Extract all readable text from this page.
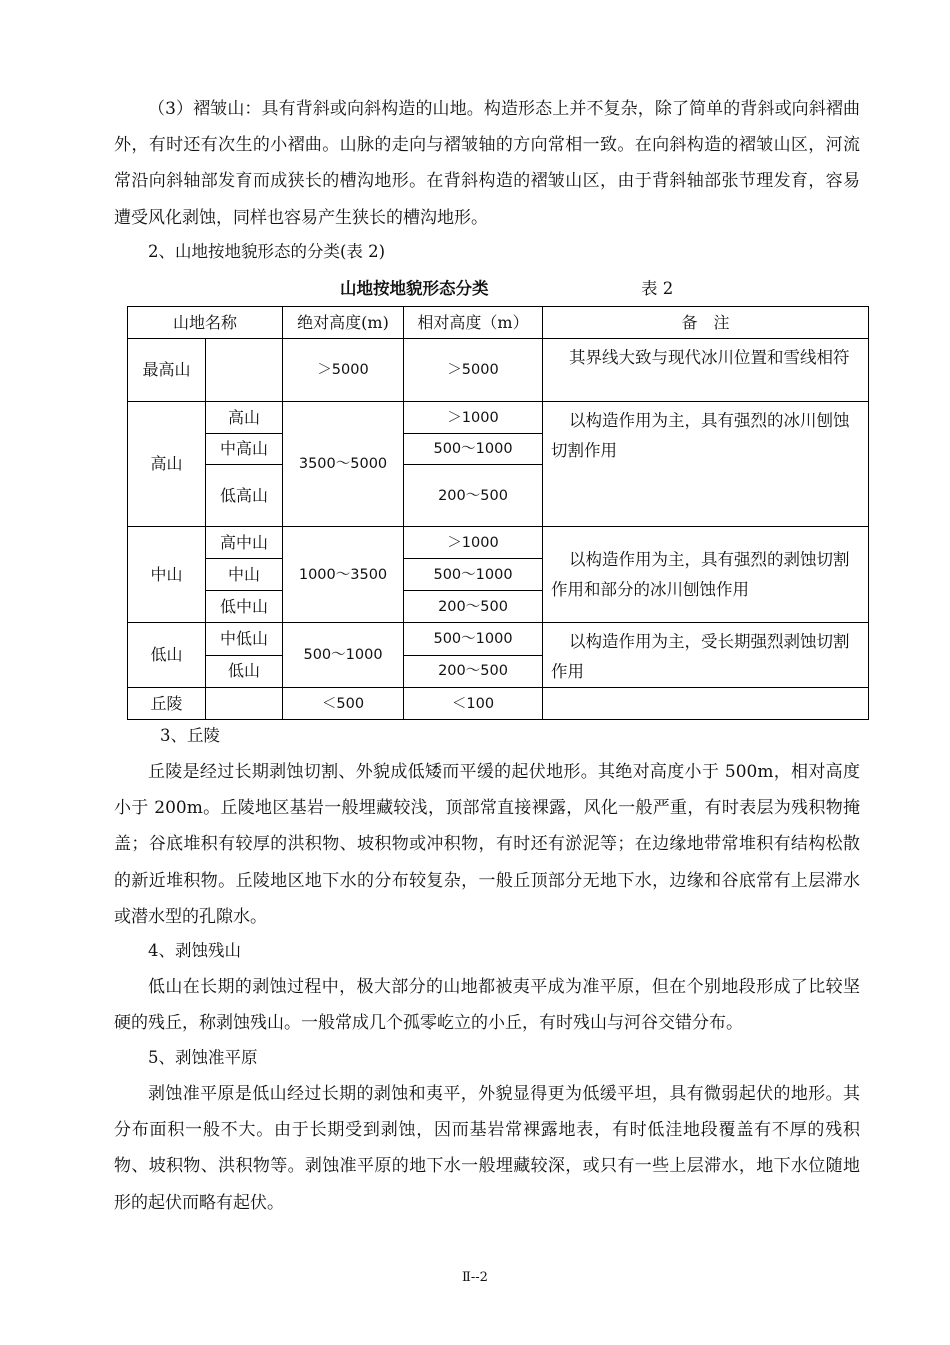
（3）褶皱山：具有背斜或向斜构造的山地。构造形态上并不复杂，除了简单的背斜或向斜褶曲外，有时还有次生的小褶曲。山脉的走向与褶皱轴的方向常相一致。在向斜构造的褶皱山区，河流常沿向斜轴部发育而成狭长的槽沟地形。在背斜构造的褶皱山区，由于背斜轴部张节理发育，容易遭受风化剥蚀，同样也容易产生狭长的槽沟地形。

2、山地按地貌形态的分类(表 2)
山地按地貌形态分类	表 2
山地名称		绝对高度(m)	相对高度（m）	备　注
最高山		＞5000	＞5000	其界线大致与现代冰川位置和雪线相符
高山	高山	3500～5000	＞1000	以构造作用为主，具有强烈的冰川刨蚀切割作用
	中高山		500～1000	
	低高山		200～500	
中山	高中山	1000～3500	＞1000	以构造作用为主，具有强烈的剥蚀切割作用和部分的冰川刨蚀作用
	中山		500～1000	
	低中山		200～500	
低山	中低山	500～1000	500～1000	以构造作用为主，受长期强烈剥蚀切割作用
	低山		200～500	
丘陵		＜500	＜100	
3、丘陵

丘陵是经过长期剥蚀切割、外貌成低矮而平缓的起伏地形。其绝对高度小于 500m，相对高度小于 200m。丘陵地区基岩一般埋藏较浅，顶部常直接裸露，风化一般严重，有时表层为残积物掩盖；谷底堆积有较厚的洪积物、坡积物或冲积物，有时还有淤泥等；在边缘地带常堆积有结构松散的新近堆积物。丘陵地区地下水的分布较复杂，一般丘顶部分无地下水，边缘和谷底常有上层滞水或潜水型的孔隙水。

4、剥蚀残山

低山在长期的剥蚀过程中，极大部分的山地都被夷平成为准平原，但在个别地段形成了比较坚硬的残丘，称剥蚀残山。一般常成几个孤零屹立的小丘，有时残山与河谷交错分布。

5、剥蚀准平原

剥蚀准平原是低山经过长期的剥蚀和夷平，外貌显得更为低缓平坦，具有微弱起伏的地形。其分布面积一般不大。由于长期受到剥蚀，因而基岩常裸露地表，有时低洼地段覆盖有不厚的残积物、坡积物、洪积物等。剥蚀准平原的地下水一般埋藏较深，或只有一些上层滞水，地下水位随地形的起伏而略有起伏。

Ⅱ--2
